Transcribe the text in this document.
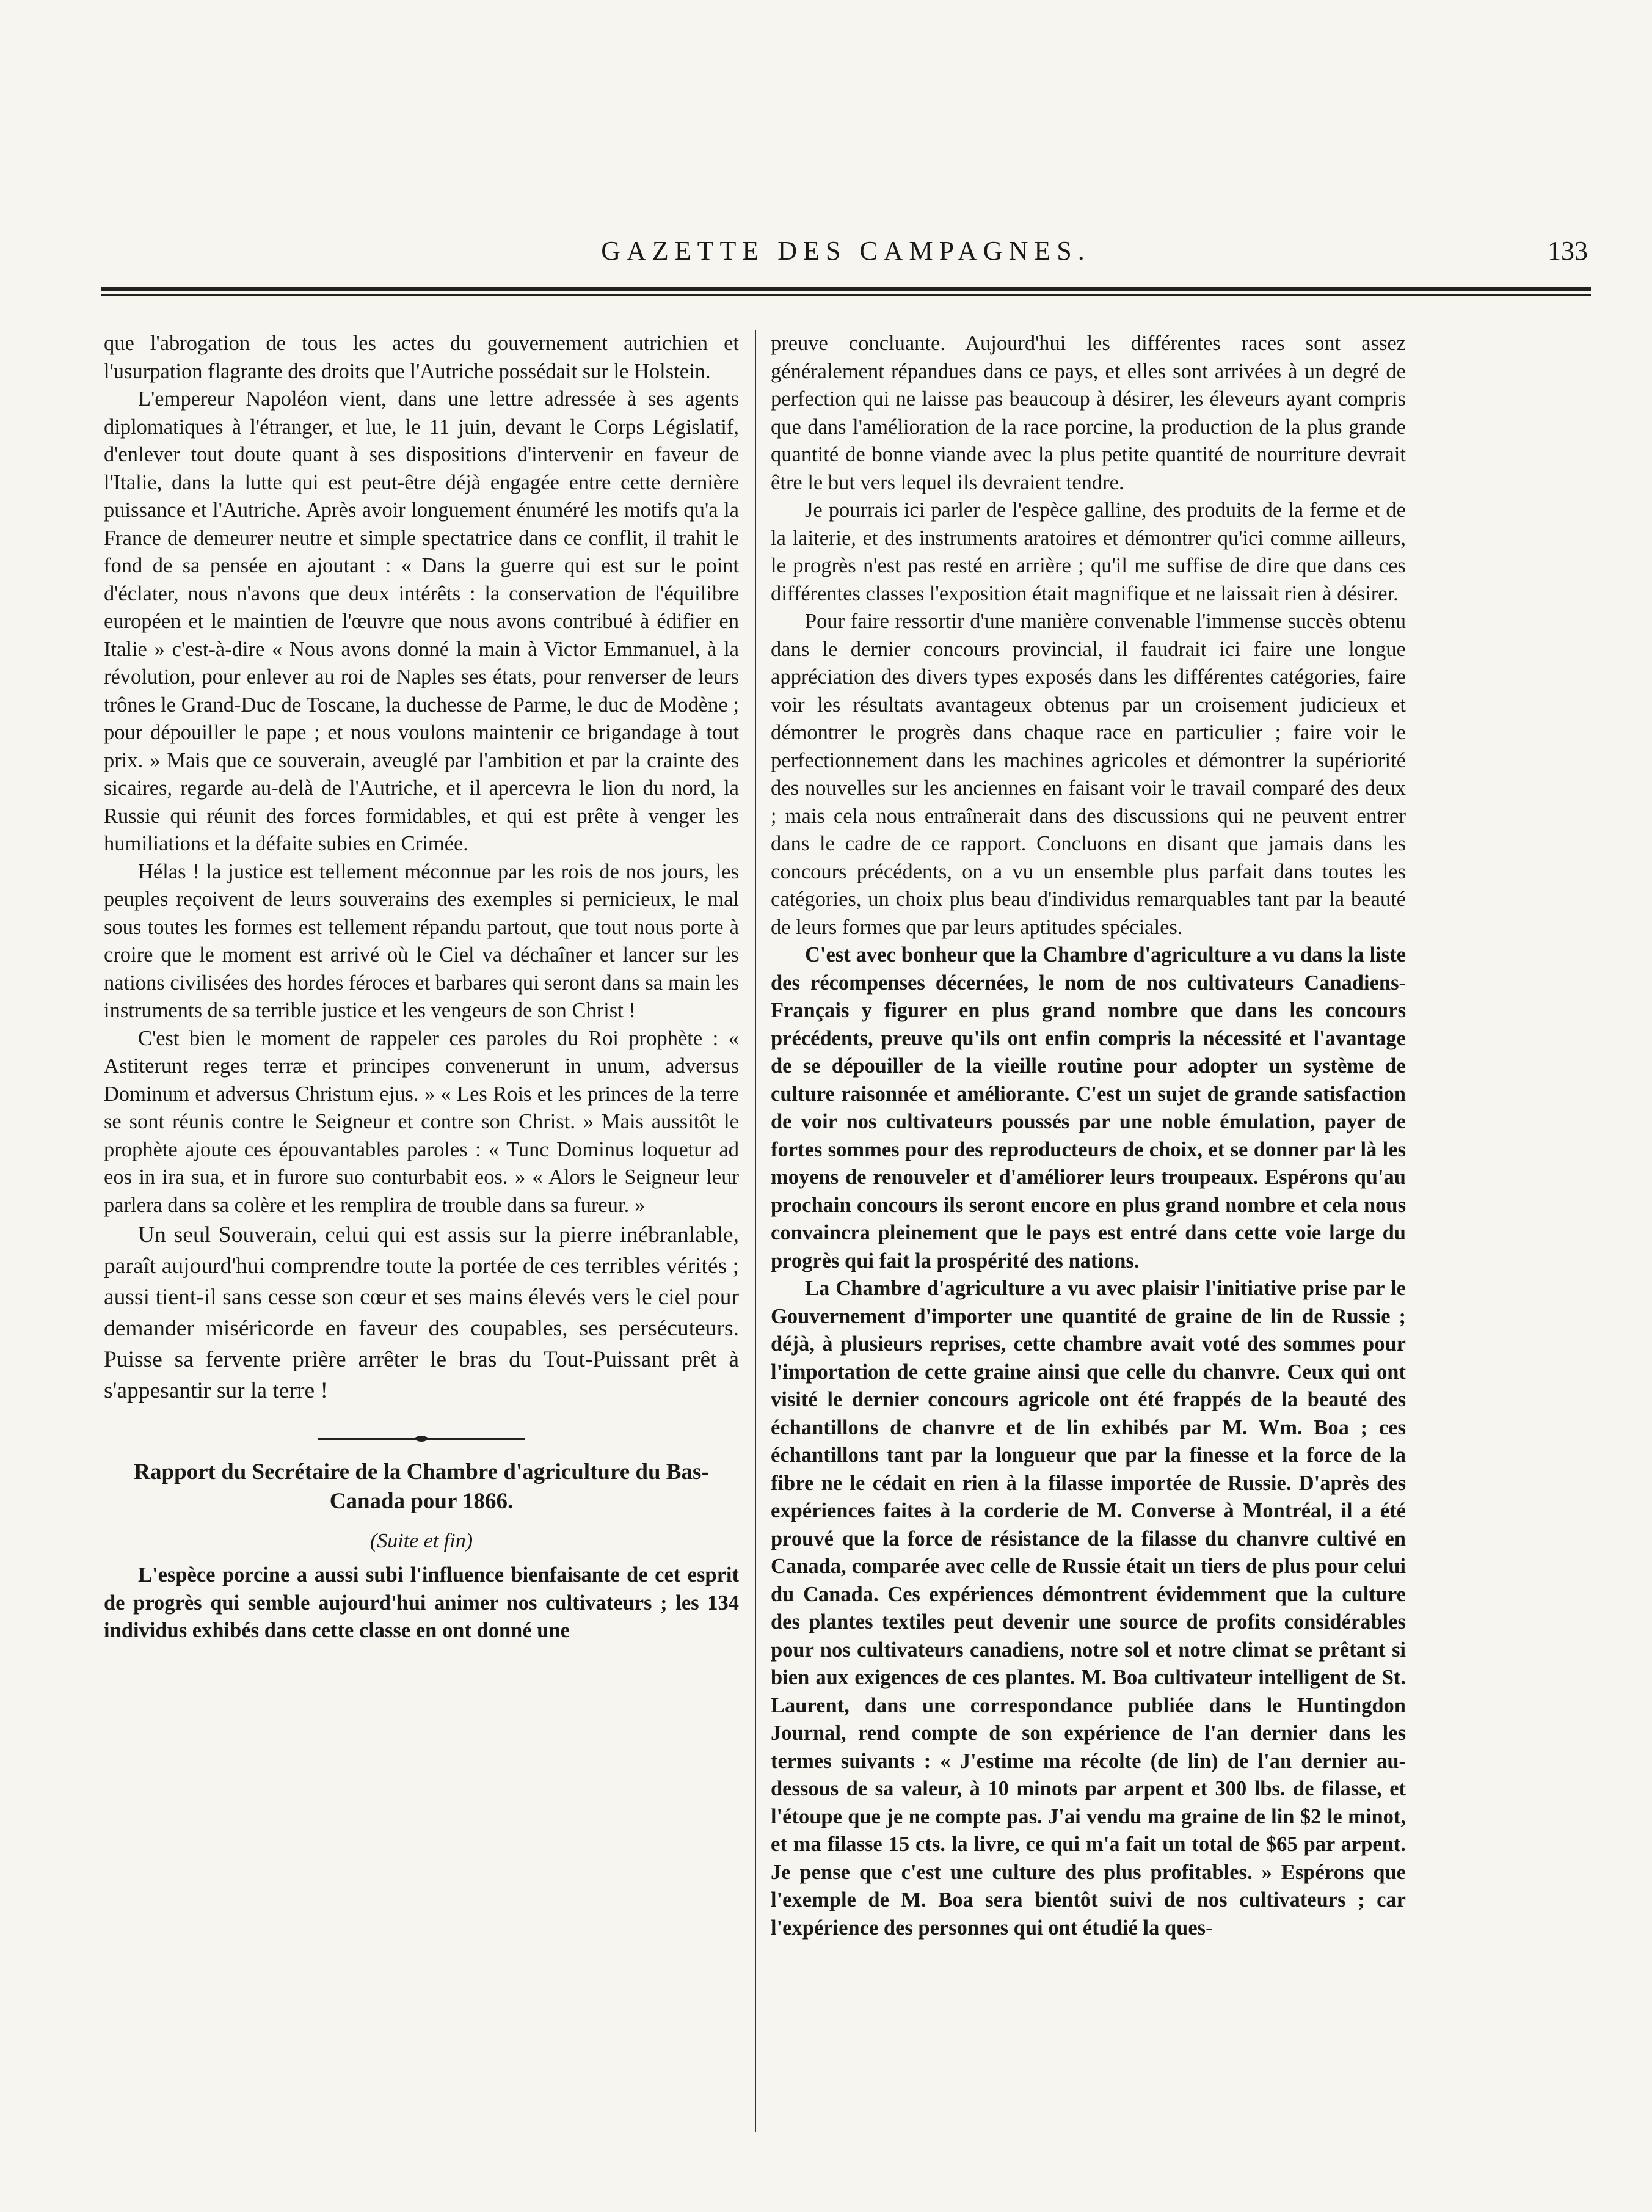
GAZETTE DES CAMPAGNES.	133

que l'abrogation de tous les actes du gouvernement autrichien et l'usurpation flagrante des droits que l'Autriche possédait sur le Holstein.

L'empereur Napoléon vient, dans une lettre adressée à ses agents diplomatiques à l'étranger, et lue, le 11 juin, devant le Corps Législatif, d'enlever tout doute quant à ses dispositions d'intervenir en faveur de l'Italie, dans la lutte qui est peut-être déjà engagée entre cette dernière puissance et l'Autriche. Après avoir longuement énuméré les motifs qu'a la France de demeurer neutre et simple spectatrice dans ce conflit, il trahit le fond de sa pensée en ajoutant : « Dans la guerre qui est sur le point d'éclater, nous n'avons que deux intérêts : la conservation de l'équilibre européen et le maintien de l'œuvre que nous avons contribué à édifier en Italie » c'est-à-dire « Nous avons donné la main à Victor Emmanuel, à la révolution, pour enlever au roi de Naples ses états, pour renverser de leurs trônes le Grand-Duc de Toscane, la duchesse de Parme, le duc de Modène ; pour dépouiller le pape ; et nous voulons maintenir ce brigandage à tout prix. » Mais que ce souverain, aveuglé par l'ambition et par la crainte des sicaires, regarde au-delà de l'Autriche, et il apercevra le lion du nord, la Russie qui réunit des forces formidables, et qui est prête à venger les humiliations et la défaite subies en Crimée.

Hélas ! la justice est tellement méconnue par les rois de nos jours, les peuples reçoivent de leurs souverains des exemples si pernicieux, le mal sous toutes les formes est tellement répandu partout, que tout nous porte à croire que le moment est arrivé où le Ciel va déchaîner et lancer sur les nations civilisées des hordes féroces et barbares qui seront dans sa main les instruments de sa terrible justice et les vengeurs de son Christ !

C'est bien le moment de rappeler ces paroles du Roi prophète : « Astiterunt reges terræ et principes convenerunt in unum, adversus Dominum et adversus Christum ejus. » « Les Rois et les princes de la terre se sont réunis contre le Seigneur et contre son Christ. » Mais aussitôt le prophète ajoute ces épouvantables paroles : « Tunc Dominus loquetur ad eos in ira sua, et in furore suo conturbabit eos. » « Alors le Seigneur leur parlera dans sa colère et les remplira de trouble dans sa fureur. »

Un seul Souverain, celui qui est assis sur la pierre inébranlable, paraît aujourd'hui comprendre toute la portée de ces terribles vérités ; aussi tient-il sans cesse son cœur et ses mains élevés vers le ciel pour demander miséricorde en faveur des coupables, ses persécuteurs. Puisse sa fervente prière arrêter le bras du Tout-Puissant prêt à s'appesantir sur la terre !

Rapport du Secrétaire de la Chambre d'agriculture du Bas-Canada pour 1866.

(Suite et fin)

L'espèce porcine a aussi subi l'influence bienfaisante de cet esprit de progrès qui semble aujourd'hui animer nos cultivateurs ; les 134 individus exhibés dans cette classe en ont donné une

preuve concluante. Aujourd'hui les différentes races sont assez généralement répandues dans ce pays, et elles sont arrivées à un degré de perfection qui ne laisse pas beaucoup à désirer, les éleveurs ayant compris que dans l'amélioration de la race porcine, la production de la plus grande quantité de bonne viande avec la plus petite quantité de nourriture devrait être le but vers lequel ils devraient tendre.

Je pourrais ici parler de l'espèce galline, des produits de la ferme et de la laiterie, et des instruments aratoires et démontrer qu'ici comme ailleurs, le progrès n'est pas resté en arrière ; qu'il me suffise de dire que dans ces différentes classes l'exposition était magnifique et ne laissait rien à désirer.

Pour faire ressortir d'une manière convenable l'immense succès obtenu dans le dernier concours provincial, il faudrait ici faire une longue appréciation des divers types exposés dans les différentes catégories, faire voir les résultats avantageux obtenus par un croisement judicieux et démontrer le progrès dans chaque race en particulier ; faire voir le perfectionnement dans les machines agricoles et démontrer la supériorité des nouvelles sur les anciennes en faisant voir le travail comparé des deux ; mais cela nous entraînerait dans des discussions qui ne peuvent entrer dans le cadre de ce rapport. Concluons en disant que jamais dans les concours précédents, on a vu un ensemble plus parfait dans toutes les catégories, un choix plus beau d'individus remarquables tant par la beauté de leurs formes que par leurs aptitudes spéciales.

C'est avec bonheur que la Chambre d'agriculture a vu dans la liste des récompenses décernées, le nom de nos cultivateurs Canadiens-Français y figurer en plus grand nombre que dans les concours précédents, preuve qu'ils ont enfin compris la nécessité et l'avantage de se dépouiller de la vieille routine pour adopter un système de culture raisonnée et améliorante. C'est un sujet de grande satisfaction de voir nos cultivateurs poussés par une noble émulation, payer de fortes sommes pour des reproducteurs de choix, et se donner par là les moyens de renouveler et d'améliorer leurs troupeaux. Espérons qu'au prochain concours ils seront encore en plus grand nombre et cela nous convaincra pleinement que le pays est entré dans cette voie large du progrès qui fait la prospérité des nations.

La Chambre d'agriculture a vu avec plaisir l'initiative prise par le Gouvernement d'importer une quantité de graine de lin de Russie ; déjà, à plusieurs reprises, cette chambre avait voté des sommes pour l'importation de cette graine ainsi que celle du chanvre. Ceux qui ont visité le dernier concours agricole ont été frappés de la beauté des échantillons de chanvre et de lin exhibés par M. Wm. Boa ; ces échantillons tant par la longueur que par la finesse et la force de la fibre ne le cédait en rien à la filasse importée de Russie. D'après des expériences faites à la corderie de M. Converse à Montréal, il a été prouvé que la force de résistance de la filasse du chanvre cultivé en Canada, comparée avec celle de Russie était un tiers de plus pour celui du Canada. Ces expériences démontrent évidemment que la culture des plantes textiles peut devenir une source de profits considérables pour nos cultivateurs canadiens, notre sol et notre climat se prêtant si bien aux exigences de ces plantes. M. Boa cultivateur intelligent de St. Laurent, dans une correspondance publiée dans le Huntingdon Journal, rend compte de son expérience de l'an dernier dans les termes suivants : « J'estime ma récolte (de lin) de l'an dernier au-dessous de sa valeur, à 10 minots par arpent et 300 lbs. de filasse, et l'étoupe que je ne compte pas. J'ai vendu ma graine de lin $2 le minot, et ma filasse 15 cts. la livre, ce qui m'a fait un total de $65 par arpent. Je pense que c'est une culture des plus profitables. » Espérons que l'exemple de M. Boa sera bientôt suivi de nos cultivateurs ; car l'expérience des personnes qui ont étudié la ques-
